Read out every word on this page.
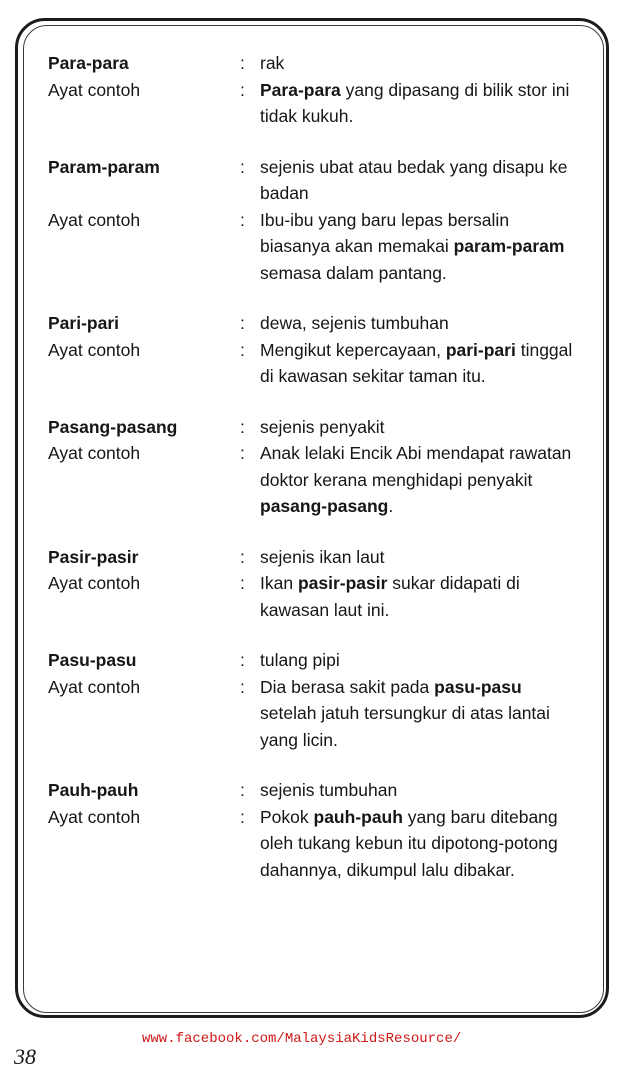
Para-para	: rak
Ayat contoh	: Para-para yang dipasang di bilik stor ini tidak kukuh.
Param-param	: sejenis ubat atau bedak yang disapu ke badan
Ayat contoh	: Ibu-ibu yang baru lepas bersalin biasanya akan memakai param-param semasa dalam pantang.
Pari-pari	: dewa, sejenis tumbuhan
Ayat contoh	: Mengikut kepercayaan, pari-pari tinggal di kawasan sekitar taman itu.
Pasang-pasang	: sejenis penyakit
Ayat contoh	: Anak lelaki Encik Abi mendapat rawatan doktor kerana menghidapi penyakit pasang-pasang.
Pasir-pasir	: sejenis ikan laut
Ayat contoh	: Ikan pasir-pasir sukar didapati di kawasan laut ini.
Pasu-pasu	: tulang pipi
Ayat contoh	: Dia berasa sakit pada pasu-pasu setelah jatuh tersungkur di atas lantai yang licin.
Pauh-pauh	: sejenis tumbuhan
Ayat contoh	: Pokok pauh-pauh yang baru ditebang oleh tukang kebun itu dipotong-potong dahannya, dikumpul lalu dibakar.
www.facebook.com/MalaysiaKidsResource/
38
